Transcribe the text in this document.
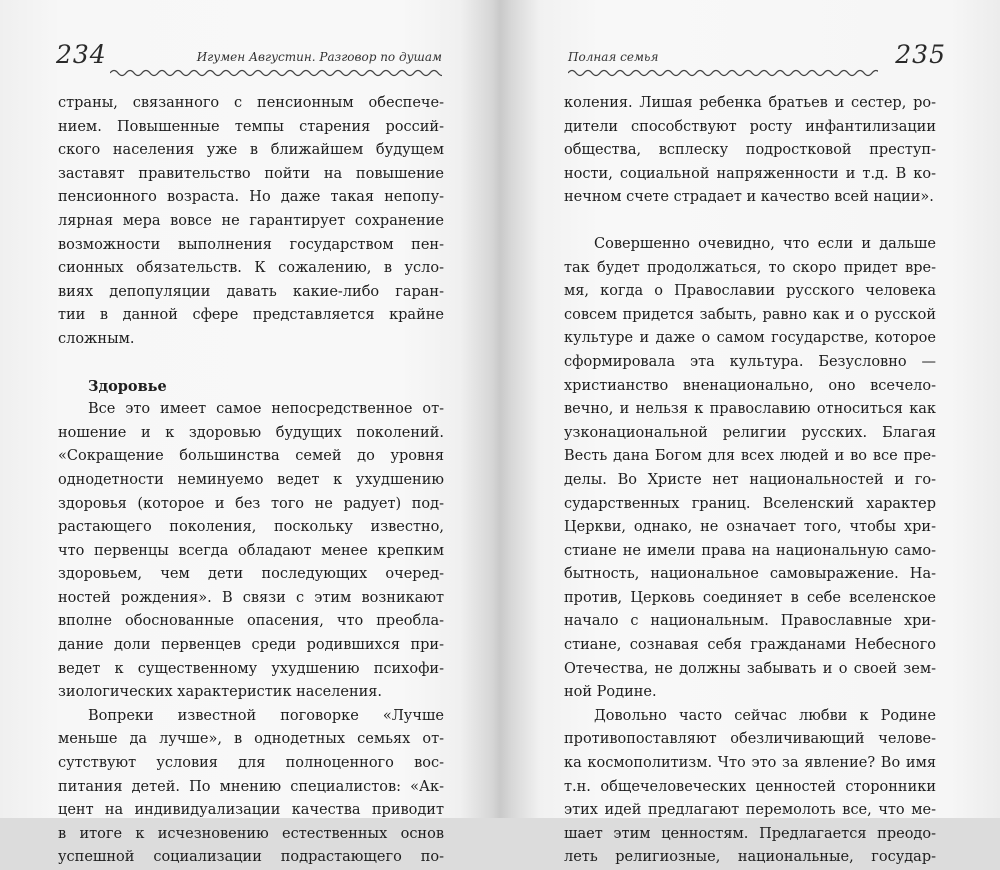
234	Игумен Августин. Разговор по душам

страны, связанного с пенсионным обеспече-
нием. Повышенные темпы старения россий-
ского населения уже в ближайшем будущем
заставят правительство пойти на повышение
пенсионного возраста. Но даже такая непопу-
лярная мера вовсе не гарантирует сохранение
возможности выполнения государством пен-
сионных обязательств. К сожалению, в усло-
виях депопуляции давать какие-либо гаран-
тии в данной сфере представляется крайне
сложным.

Здоровье

Все это имеет самое непосредственное от-
ношение и к здоровью будущих поколений.
«Сокращение большинства семей до уровня
однодетности неминуемо ведет к ухудшению
здоровья (которое и без того не радует) под-
растающего поколения, поскольку известно,
что первенцы всегда обладают менее крепким
здоровьем, чем дети последующих очеред-
ностей рождения». В связи с этим возникают
вполне обоснованные опасения, что преобла-
дание доли первенцев среди родившихся при-
ведет к существенному ухудшению психофи-
зиологических характеристик населения.

Вопреки известной поговорке «Лучше
меньше да лучше», в однодетных семьях от-
сутствуют условия для полноценного вос-
питания детей. По мнению специалистов: «Ак-
цент на индивидуализации качества приводит
в итоге к исчезновению естественных основ
успешной социализации подрастающего по-

Полная семья	235

коления. Лишая ребенка братьев и сестер, ро-
дители способствуют росту инфантилизации
общества, всплеску подростковой преступ-
ности, социальной напряженности и т.д. В ко-
нечном счете страдает и качество всей нации».

Совершенно очевидно, что если и дальше
так будет продолжаться, то скоро придет вре-
мя, когда о Православии русского человека
совсем придется забыть, равно как и о русской
культуре и даже о самом государстве, которое
сформировала эта культура. Безусловно —
христианство вненационально, оно всечело-
вечно, и нельзя к православию относиться как
узконациональной религии русских. Благая
Весть дана Богом для всех людей и во все пре-
делы. Во Христе нет национальностей и го-
сударственных границ. Вселенский характер
Церкви, однако, не означает того, чтобы хри-
стиане не имели права на национальную само-
бытность, национальное самовыражение. На-
против, Церковь соединяет в себе вселенское
начало с национальным. Православные хри-
стиане, сознавая себя гражданами Небесного
Отечества, не должны забывать и о своей зем-
ной Родине.

Довольно часто сейчас любви к Родине
противопоставляют обезличивающий челове-
ка космополитизм. Что это за явление? Во имя
т.н. общечеловеческих ценностей сторонники
этих идей предлагают перемолоть все, что ме-
шает этим ценностям. Предлагается преодо-
леть религиозные, национальные, государ-
